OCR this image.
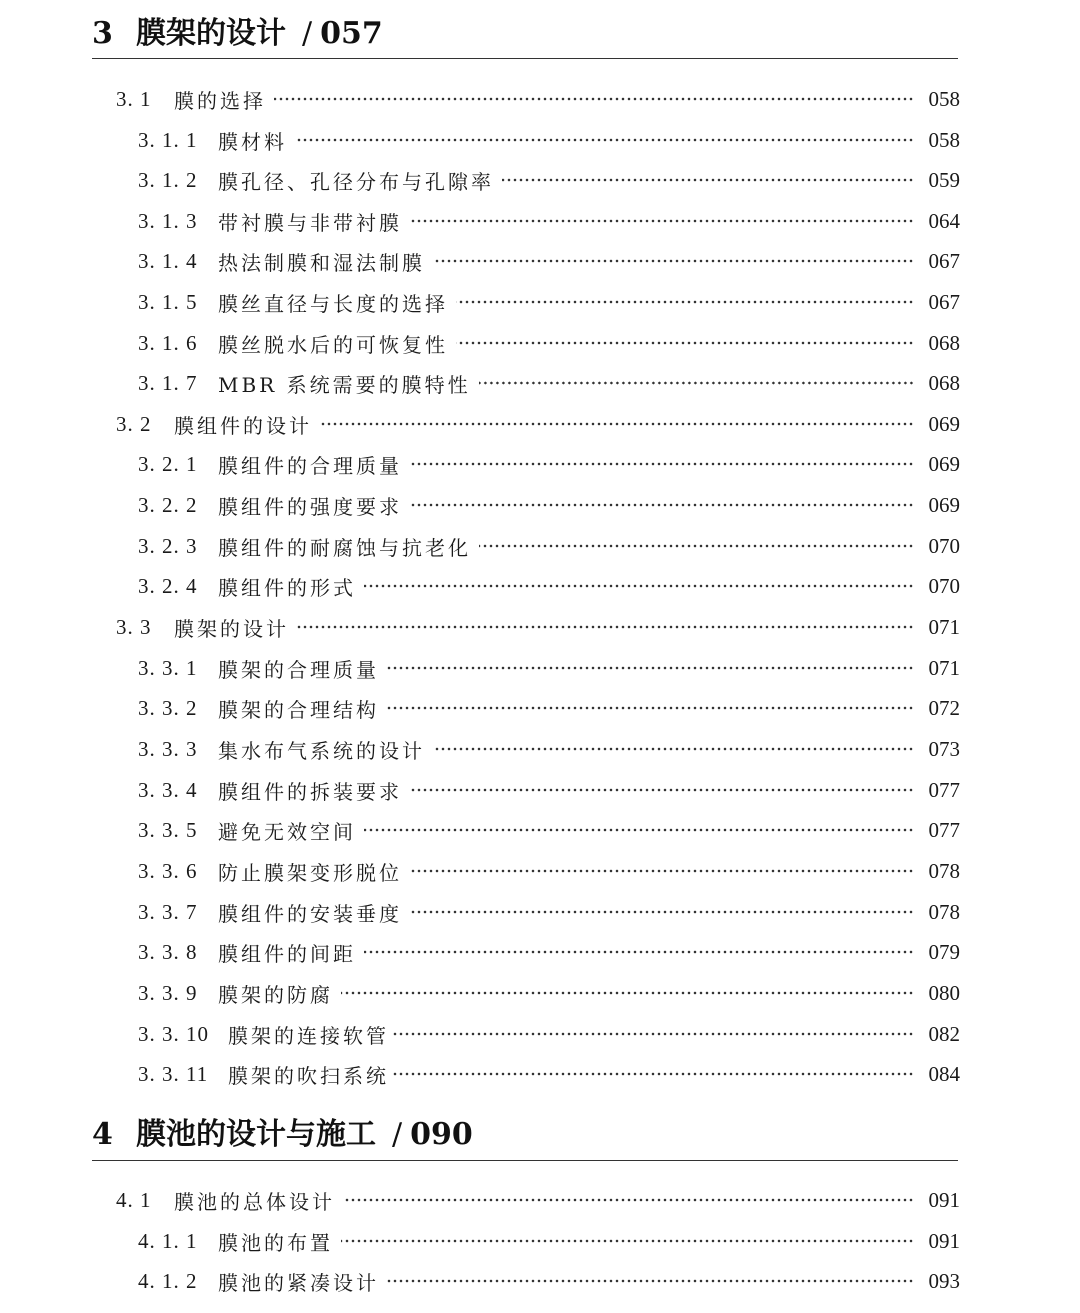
3 膜架的设计 / 057
3. 1	膜的选择	058
3. 1. 1	膜材料	058
3. 1. 2	膜孔径、孔径分布与孔隙率	059
3. 1. 3	带衬膜与非带衬膜	064
3. 1. 4	热法制膜和湿法制膜	067
3. 1. 5	膜丝直径与长度的选择	067
3. 1. 6	膜丝脱水后的可恢复性	068
3. 1. 7	MBR 系统需要的膜特性	068
3. 2	膜组件的设计	069
3. 2. 1	膜组件的合理质量	069
3. 2. 2	膜组件的强度要求	069
3. 2. 3	膜组件的耐腐蚀与抗老化	070
3. 2. 4	膜组件的形式	070
3. 3	膜架的设计	071
3. 3. 1	膜架的合理质量	071
3. 3. 2	膜架的合理结构	072
3. 3. 3	集水布气系统的设计	073
3. 3. 4	膜组件的拆装要求	077
3. 3. 5	避免无效空间	077
3. 3. 6	防止膜架变形脱位	078
3. 3. 7	膜组件的安装垂度	078
3. 3. 8	膜组件的间距	079
3. 3. 9	膜架的防腐	080
3. 3. 10 膜架的连接软管	082
3. 3. 11 膜架的吹扫系统	084
4 膜池的设计与施工 / 090
4. 1	膜池的总体设计	091
4. 1. 1	膜池的布置	091
4. 1. 2	膜池的紧凑设计	093
